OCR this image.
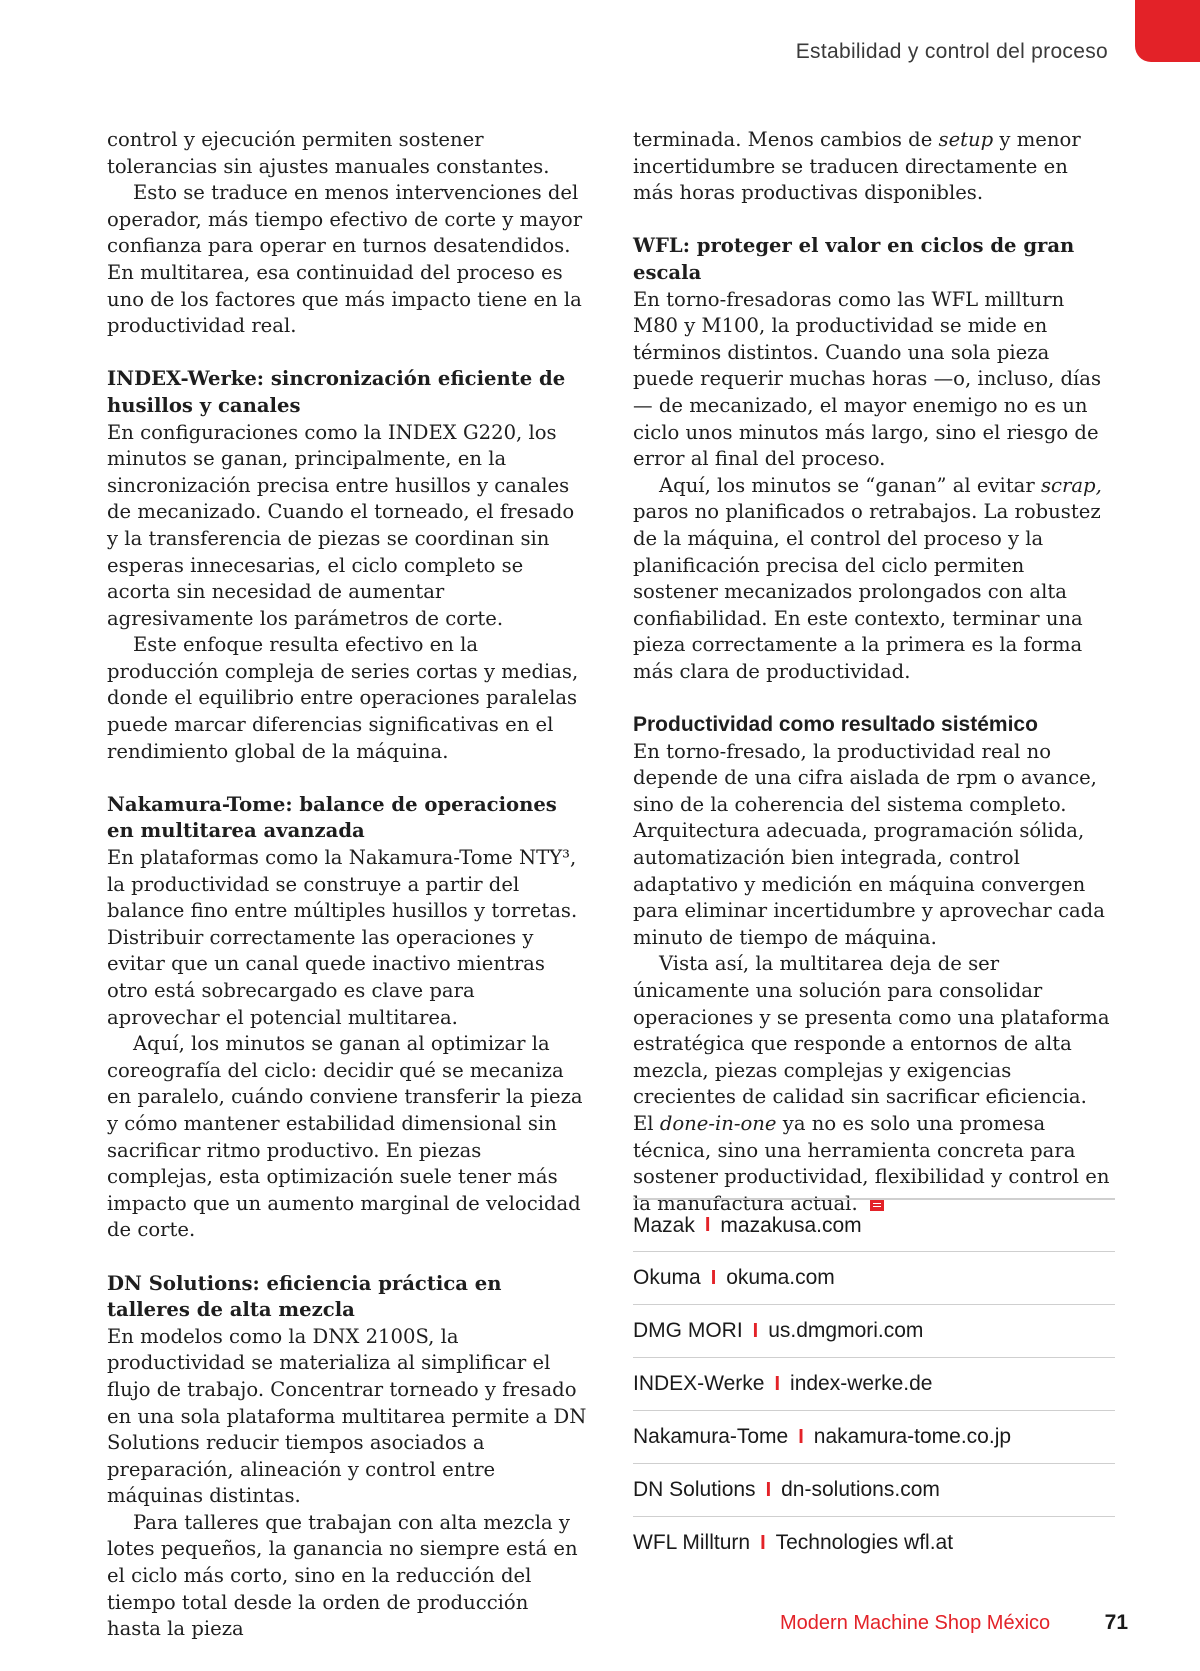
Estabilidad y control del proceso

control y ejecución permiten sostener tolerancias sin ajustes manuales constantes.

Esto se traduce en menos intervenciones del operador, más tiempo efectivo de corte y mayor confianza para operar en turnos desatendidos. En multitarea, esa continuidad del proceso es uno de los factores que más impacto tiene en la productividad real.

INDEX-Werke: sincronización eficiente de husillos y canales

En configuraciones como la INDEX G220, los minutos se ganan, principalmente, en la sincronización precisa entre husillos y canales de mecanizado. Cuando el torneado, el fresado y la transferencia de piezas se coordinan sin esperas innecesarias, el ciclo completo se acorta sin necesidad de aumentar agresivamente los parámetros de corte.

Este enfoque resulta efectivo en la producción compleja de series cortas y medias, donde el equilibrio entre operaciones paralelas puede marcar diferencias significativas en el rendimiento global de la máquina.

Nakamura-Tome: balance de operaciones en multitarea avanzada

En plataformas como la Nakamura-Tome NTY³, la productividad se construye a partir del balance fino entre múltiples husillos y torretas. Distribuir correctamente las operaciones y evitar que un canal quede inactivo mientras otro está sobrecargado es clave para aprovechar el potencial multitarea.

Aquí, los minutos se ganan al optimizar la coreografía del ciclo: decidir qué se mecaniza en paralelo, cuándo conviene transferir la pieza y cómo mantener estabilidad dimensional sin sacrificar ritmo productivo. En piezas complejas, esta optimización suele tener más impacto que un aumento marginal de velocidad de corte.

DN Solutions: eficiencia práctica en talleres de alta mezcla

En modelos como la DNX 2100S, la productividad se materializa al simplificar el flujo de trabajo. Concentrar torneado y fresado en una sola plataforma multitarea permite a DN Solutions reducir tiempos asociados a preparación, alineación y control entre máquinas distintas.

Para talleres que trabajan con alta mezcla y lotes pequeños, la ganancia no siempre está en el ciclo más corto, sino en la reducción del tiempo total desde la orden de producción hasta la pieza

terminada. Menos cambios de setup y menor incertidumbre se traducen directamente en más horas productivas disponibles.

WFL: proteger el valor en ciclos de gran escala

En torno-fresadoras como las WFL millturn M80 y M100, la productividad se mide en términos distintos. Cuando una sola pieza puede requerir muchas horas —o, incluso, días— de mecanizado, el mayor enemigo no es un ciclo unos minutos más largo, sino el riesgo de error al final del proceso.

Aquí, los minutos se “ganan” al evitar scrap, paros no planificados o retrabajos. La robustez de la máquina, el control del proceso y la planificación precisa del ciclo permiten sostener mecanizados prolongados con alta confiabilidad. En este contexto, terminar una pieza correctamente a la primera es la forma más clara de productividad.

Productividad como resultado sistémico

En torno-fresado, la productividad real no depende de una cifra aislada de rpm o avance, sino de la coherencia del sistema completo. Arquitectura adecuada, programación sólida, automatización bien integrada, control adaptativo y medición en máquina convergen para eliminar incertidumbre y aprovechar cada minuto de tiempo de máquina.

Vista así, la multitarea deja de ser únicamente una solución para consolidar operaciones y se presenta como una plataforma estratégica que responde a entornos de alta mezcla, piezas complejas y exigencias crecientes de calidad sin sacrificar eficiencia. El done-in-one ya no es solo una promesa técnica, sino una herramienta concreta para sostener productividad, flexibilidad y control en la manufactura actual.

Mazak I mazakusa.com
Okuma I okuma.com
DMG MORI I us.dmgmori.com
INDEX-Werke I index-werke.de
Nakamura-Tome I nakamura-tome.co.jp
DN Solutions I dn-solutions.com
WFL Millturn I Technologies wfl.at
Modern Machine Shop México	71
